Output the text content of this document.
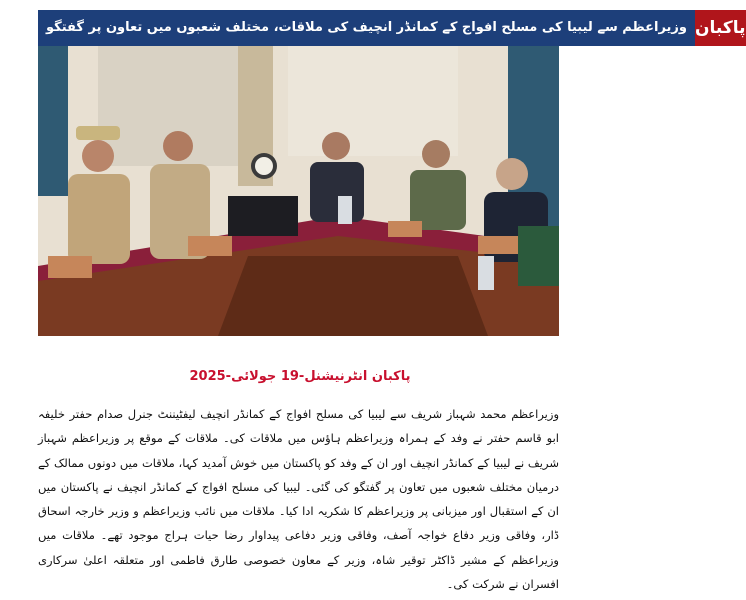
وزیراعظم سے لیبیا کی مسلح افواج کے کمانڈر انچیف کی ملاقات، مختلف شعبوں میں تعاون پر گفتگو پاکبان
پاکبان انٹرنیشنل-19 جولائی-2025

وزیراعظم محمد شہباز شریف سے لیبیا کی مسلح افواج کے کمانڈر انچیف لیفٹیننٹ جنرل صدام حفتر خلیفہ ابو قاسم حفتر نے وفد کے ہمراہ وزیراعظم ہاؤس میں ملاقات کی۔ ملاقات کے موقع پر وزیراعظم شہباز شریف نے لیبیا کے کمانڈر انچیف اور ان کے وفد کو پاکستان میں خوش آمدید کہا، ملاقات میں دونوں ممالک کے درمیان مختلف شعبوں میں تعاون پر گفتگو کی گئی۔ لیبیا کی مسلح افواج کے کمانڈر انچیف نے پاکستان میں ان کے استقبال اور میزبانی پر وزیراعظم کا شکریہ ادا کیا۔ ملاقات میں نائب وزیراعظم و وزیر خارجہ اسحاق ڈار، وفاقی وزیر دفاع خواجہ آصف، وفاقی وزیر دفاعی پیداوار رضا حیات ہراج موجود تھے۔ ملاقات میں وزیراعظم کے مشیر ڈاکٹر توقیر شاہ، وزیر کے معاون خصوصی طارق فاطمی اور متعلقہ اعلیٰ سرکاری افسران نے شرکت کی۔
